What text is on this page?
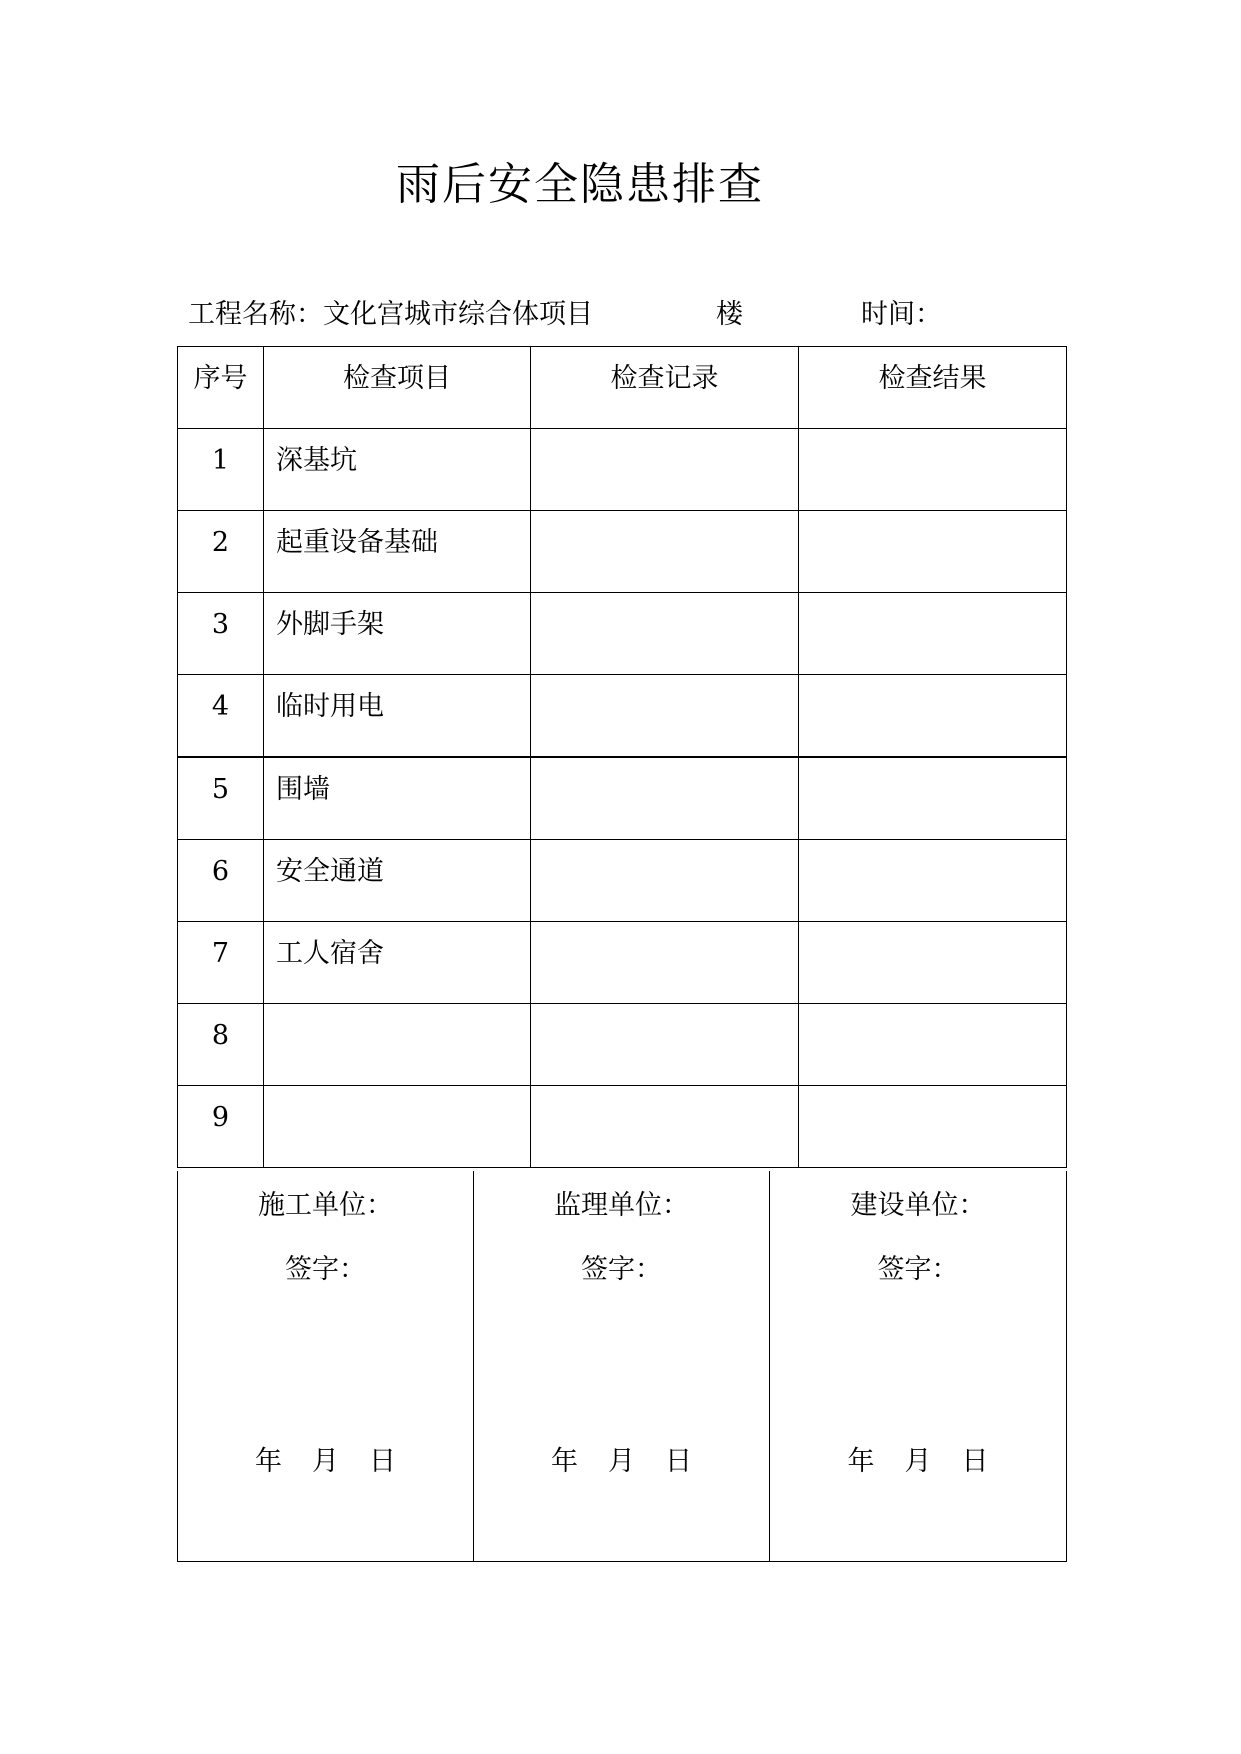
雨后安全隐患排查
工程名称：文化宫城市综合体项目	楼	时间：
序号	检查项目	检查记录	检查结果

1	深基坑		

2	起重设备基础		

3	外脚手架		

4	临时用电		

5	围墙		

6	安全通道		

7	工人宿舍		

8			

9			

施工单位：
签字：
年 月 日

监理单位：
签字：
年 月 日

建设单位：
签字：
年 月 日
